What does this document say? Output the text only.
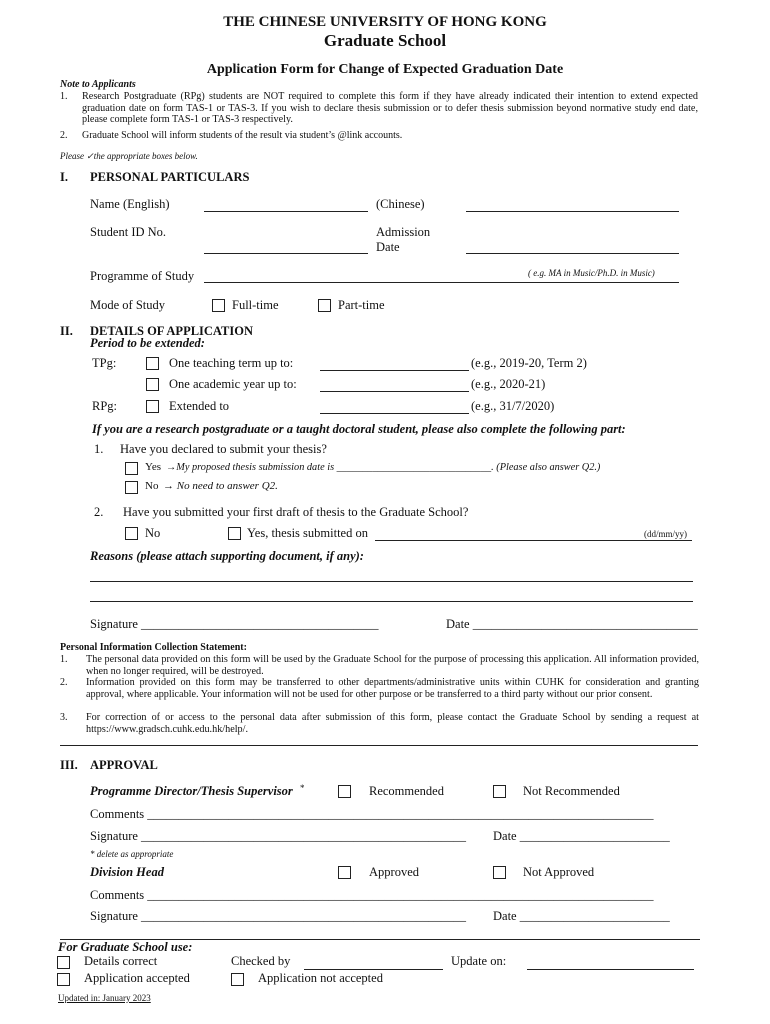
THE CHINESE UNIVERSITY OF HONG KONG
Graduate School
Application Form for Change of Expected Graduation Date
Note to Applicants
1. Research Postgraduate (RPg) students are NOT required to complete this form if they have already indicated their intention to extend expected graduation date on form TAS-1 or TAS-3. If you wish to declare thesis submission or to defer thesis submission beyond normative study end date, please complete form TAS-1 or TAS-3 respectively.
2. Graduate School will inform students of the result via student’s @link accounts.
Please ✓the appropriate boxes below.
I. PERSONAL PARTICULARS
Name (English)	(Chinese)
Student ID No.	Admission
Date
Programme of Study	( e.g. MA in Music/Ph.D. in Music)
Mode of Study	Full-time	Part-time
II. DETAILS OF APPLICATION
Period to be extended:
TPg:	One teaching term up to:	(e.g., 2019-20, Term 2)
One academic year up to:	(e.g., 2020-21)
RPg:	Extended to	(e.g., 31/7/2020)
If you are a research postgraduate or a taught doctoral student, please also complete the following part:
1. Have you declared to submit your thesis?
Yes →My proposed thesis submission date is ______________________________. (Please also answer Q2.)
No → No need to answer Q2.
2. Have you submitted your first draft of thesis to the Graduate School?
No	Yes, thesis submitted on	(dd/mm/yy)
Reasons (please attach supporting document, if any):
Signature ______________________________________	Date ____________________________________
Personal Information Collection Statement:
1. The personal data provided on this form will be used by the Graduate School for the purpose of processing this application. All information provided, when no longer required, will be destroyed.
2. Information provided on this form may be transferred to other departments/administrative units within CUHK for consideration and granting approval, where applicable. Your information will not be used for other purpose or be transferred to a third party without our prior consent.
3. For correction of or access to the personal data after submission of this form, please contact the Graduate School by sending a request at https://www.gradsch.cuhk.edu.hk/help/.
III. APPROVAL
Programme Director/Thesis Supervisor *	Recommended	Not Recommended
Comments _________________________________________________________________________________
Signature ____________________________________________________ Date ________________________
* delete as appropriate
Division Head	Approved	Not Approved
Comments _________________________________________________________________________________
Signature ____________________________________________________ Date ________________________
For Graduate School use:
Details correct	Checked by	Update on:
Application accepted	Application not accepted
Updated in: January 2023
